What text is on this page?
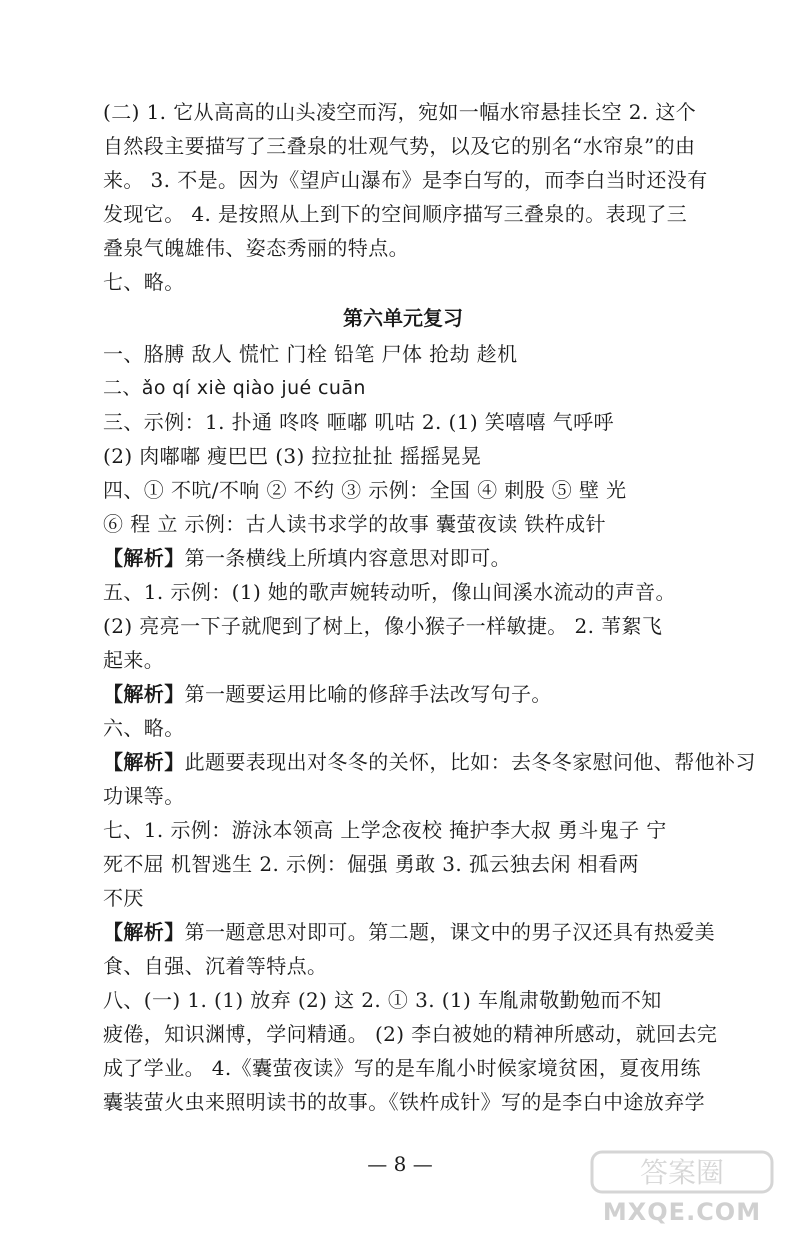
(二) 1. 它从高高的山头凌空而泻，宛如一幅水帘悬挂长空 2. 这个
自然段主要描写了三叠泉的壮观气势，以及它的别名“水帘泉”的由
来。 3. 不是。因为《望庐山瀑布》是李白写的，而李白当时还没有
发现它。 4. 是按照从上到下的空间顺序描写三叠泉的。表现了三
叠泉气魄雄伟、姿态秀丽的特点。
七、略。
第六单元复习
一、胳膊 敌人 慌忙 门栓 铅笔 尸体 抢劫 趁机
二、ǎo qí xiè qiào jué cuān
三、示例：1. 扑通 咚咚 咂嘟 叽咕 2. (1) 笑嘻嘻 气呼呼
(2) 肉嘟嘟 瘦巴巴 (3) 拉拉扯扯 摇摇晃晃
四、① 不吭/不响 ② 不约 ③ 示例：全国 ④ 刺股 ⑤ 壁 光
⑥ 程 立 示例：古人读书求学的故事 囊萤夜读 铁杵成针
【解析】第一条横线上所填内容意思对即可。
五、1. 示例：(1) 她的歌声婉转动听，像山间溪水流动的声音。
(2) 亮亮一下子就爬到了树上，像小猴子一样敏捷。 2. 苇絮飞
起来。
【解析】第一题要运用比喻的修辞手法改写句子。
六、略。
【解析】此题要表现出对冬冬的关怀，比如：去冬冬家慰问他、帮他补习
功课等。
七、1. 示例：游泳本领高 上学念夜校 掩护李大叔 勇斗鬼子 宁
死不屈 机智逃生 2. 示例：倔强 勇敢 3. 孤云独去闲 相看两
不厌
【解析】第一题意思对即可。第二题，课文中的男子汉还具有热爱美
食、自强、沉着等特点。
八、(一) 1. (1) 放弃 (2) 这 2. ① 3. (1) 车胤肃敬勤勉而不知
疲倦，知识渊博，学问精通。 (2) 李白被她的精神所感动，就回去完
成了学业。 4.《囊萤夜读》写的是车胤小时候家境贫困，夏夜用练
囊装萤火虫来照明读书的故事。《铁杵成针》写的是李白中途放弃学
— 8 —	答案圈
MXQE.COM
